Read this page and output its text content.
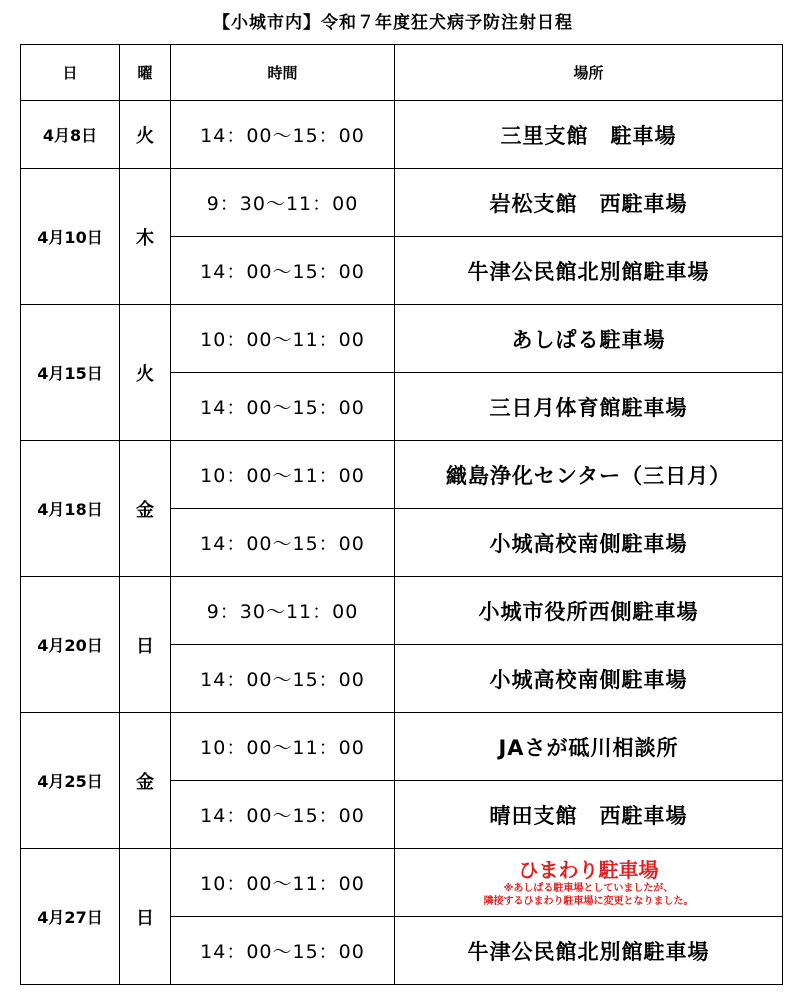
【小城市内】令和７年度狂犬病予防注射日程
日	曜	時間	場所
4月8日	火	14：00～15：00	三里支館　駐車場
4月10日	木	9：30～11：00	岩松支館　西駐車場
		14：00～15：00	牛津公民館北別館駐車場
4月15日	火	10：00～11：00	あしぱる駐車場
		14：00～15：00	三日月体育館駐車場
4月18日	金	10：00～11：00	織島浄化センター（三日月）
		14：00～15：00	小城高校南側駐車場
4月20日	日	9：30～11：00	小城市役所西側駐車場
		14：00～15：00	小城高校南側駐車場
4月25日	金	10：00～11：00	JAさが砥川相談所
		14：00～15：00	晴田支館　西駐車場
4月27日	日	10：00～11：00	ひまわり駐車場
※あしぱる駐車場としていましたが、
隣接するひまわり駐車場に変更となりました。

		14：00～15：00	牛津公民館北別館駐車場
